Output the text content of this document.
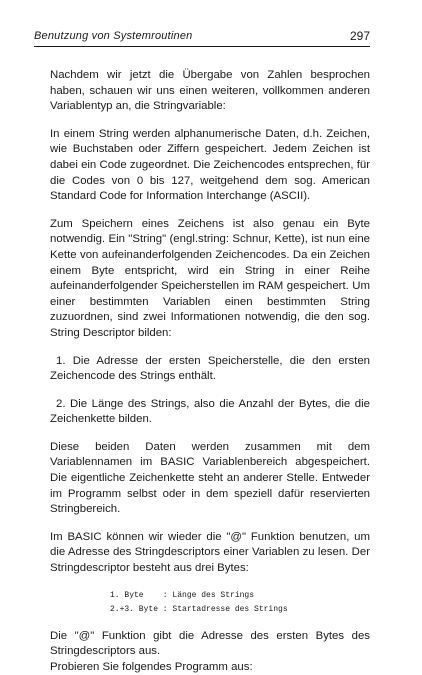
Benutzung von Systemroutinen	297

Nachdem wir jetzt die Übergabe von Zahlen besprochen haben, schauen wir uns einen weiteren, vollkommen anderen Variablentyp an, die Stringvariable:

In einem String werden alphanumerische Daten, d.h. Zeichen, wie Buchstaben oder Ziffern gespeichert. Jedem Zeichen ist dabei ein Code zugeordnet. Die Zeichencodes entsprechen, für die Codes von 0 bis 127, weitgehend dem sog. American Standard Code for Information Interchange (ASCII).

Zum Speichern eines Zeichens ist also genau ein Byte notwendig. Ein "String" (engl.string: Schnur, Kette), ist nun eine Kette von aufeinanderfolgenden Zeichencodes. Da ein Zeichen einem Byte entspricht, wird ein String in einer Reihe aufeinanderfolgender Speicherstellen im RAM gespeichert. Um einer bestimmten Variablen einen bestimmten String zuzuordnen, sind zwei Informationen notwendig, die den sog. String Descriptor bilden:

1. Die Adresse der ersten Speicherstelle, die den ersten Zeichencode des Strings enthält.

2. Die Länge des Strings, also die Anzahl der Bytes, die die Zeichenkette bilden.

Diese beiden Daten werden zusammen mit dem Variablennamen im BASIC Variablenbereich abgespeichert. Die eigentliche Zeichenkette steht an anderer Stelle. Entweder im Programm selbst oder in dem speziell dafür reservierten Stringbereich.

Im BASIC können wir wieder die "@" Funktion benutzen, um die Adresse des Stringdescriptors einer Variablen zu lesen. Der Stringdescriptor besteht aus drei Bytes:

1. Byte    : Länge des Strings
2.+3. Byte : Startadresse des Strings

Die "@" Funktion gibt die Adresse des ersten Bytes des Stringdescriptors aus.

Probieren Sie folgendes Programm aus:
